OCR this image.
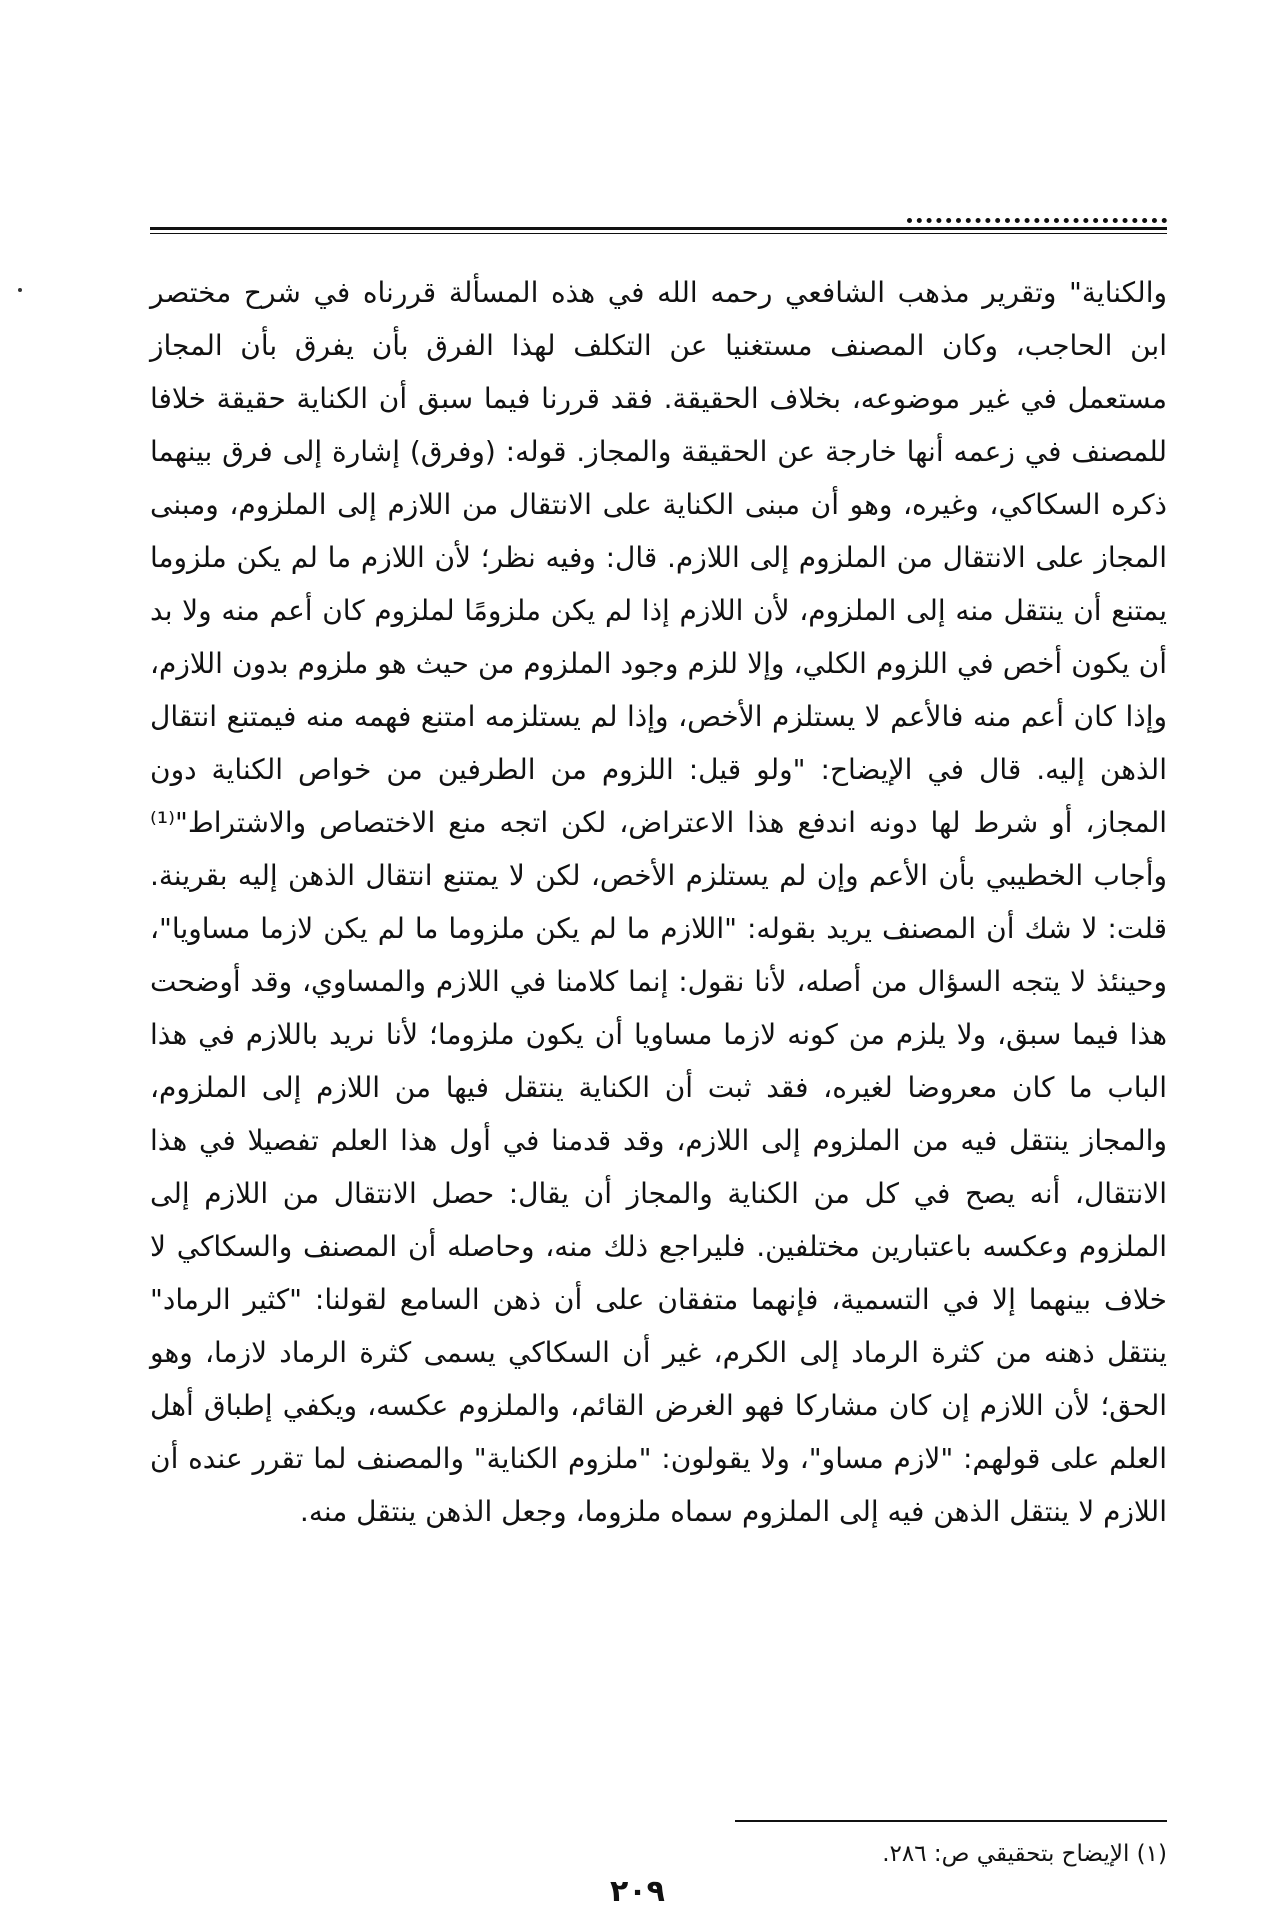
والكناية" وتقرير مذهب الشافعي رحمه الله في هذه المسألة قررناه في شرح مختصر ابن الحاجب، وكان المصنف مستغنيا عن التكلف لهذا الفرق بأن يفرق بأن المجاز مستعمل في غير موضوعه، بخلاف الحقيقة. فقد قررنا فيما سبق أن الكناية حقيقة خلافا للمصنف في زعمه أنها خارجة عن الحقيقة والمجاز. قوله: (وفرق) إشارة إلى فرق بينهما ذكره السكاكي، وغيره، وهو أن مبنى الكناية على الانتقال من اللازم إلى الملزوم، ومبنى المجاز على الانتقال من الملزوم إلى اللازم. قال: وفيه نظر؛ لأن اللازم ما لم يكن ملزوما يمتنع أن ينتقل منه إلى الملزوم، لأن اللازم إذا لم يكن ملزومًا لملزوم كان أعم منه ولا بد أن يكون أخص في اللزوم الكلي، وإلا للزم وجود الملزوم من حيث هو ملزوم بدون اللازم، وإذا كان أعم منه فالأعم لا يستلزم الأخص، وإذا لم يستلزمه امتنع فهمه منه فيمتنع انتقال الذهن إليه. قال في الإيضاح: "ولو قيل: اللزوم من الطرفين من خواص الكناية دون المجاز، أو شرط لها دونه اندفع هذا الاعتراض، لكن اتجه منع الاختصاص والاشتراط"⁽¹⁾ وأجاب الخطيبي بأن الأعم وإن لم يستلزم الأخص، لكن لا يمتنع انتقال الذهن إليه بقرينة. قلت: لا شك أن المصنف يريد بقوله: "اللازم ما لم يكن ملزوما ما لم يكن لازما مساويا"، وحينئذ لا يتجه السؤال من أصله، لأنا نقول: إنما كلامنا في اللازم والمساوي، وقد أوضحت هذا فيما سبق، ولا يلزم من كونه لازما مساويا أن يكون ملزوما؛ لأنا نريد باللازم في هذا الباب ما كان معروضا لغيره، فقد ثبت أن الكناية ينتقل فيها من اللازم إلى الملزوم، والمجاز ينتقل فيه من الملزوم إلى اللازم، وقد قدمنا في أول هذا العلم تفصيلا في هذا الانتقال، أنه يصح في كل من الكناية والمجاز أن يقال: حصل الانتقال من اللازم إلى الملزوم وعكسه باعتبارين مختلفين. فليراجع ذلك منه، وحاصله أن المصنف والسكاكي لا خلاف بينهما إلا في التسمية، فإنهما متفقان على أن ذهن السامع لقولنا: "كثير الرماد" ينتقل ذهنه من كثرة الرماد إلى الكرم، غير أن السكاكي يسمى كثرة الرماد لازما، وهو الحق؛ لأن اللازم إن كان مشاركا فهو الغرض القائم، والملزوم عكسه، ويكفي إطباق أهل العلم على قولهم: "لازم مساو"، ولا يقولون: "ملزوم الكناية" والمصنف لما تقرر عنده أن اللازم لا ينتقل الذهن فيه إلى الملزوم سماه ملزوما، وجعل الذهن ينتقل منه.

(١) الإيضاح بتحقيقي ص: ٢٨٦.

٢٠٩
